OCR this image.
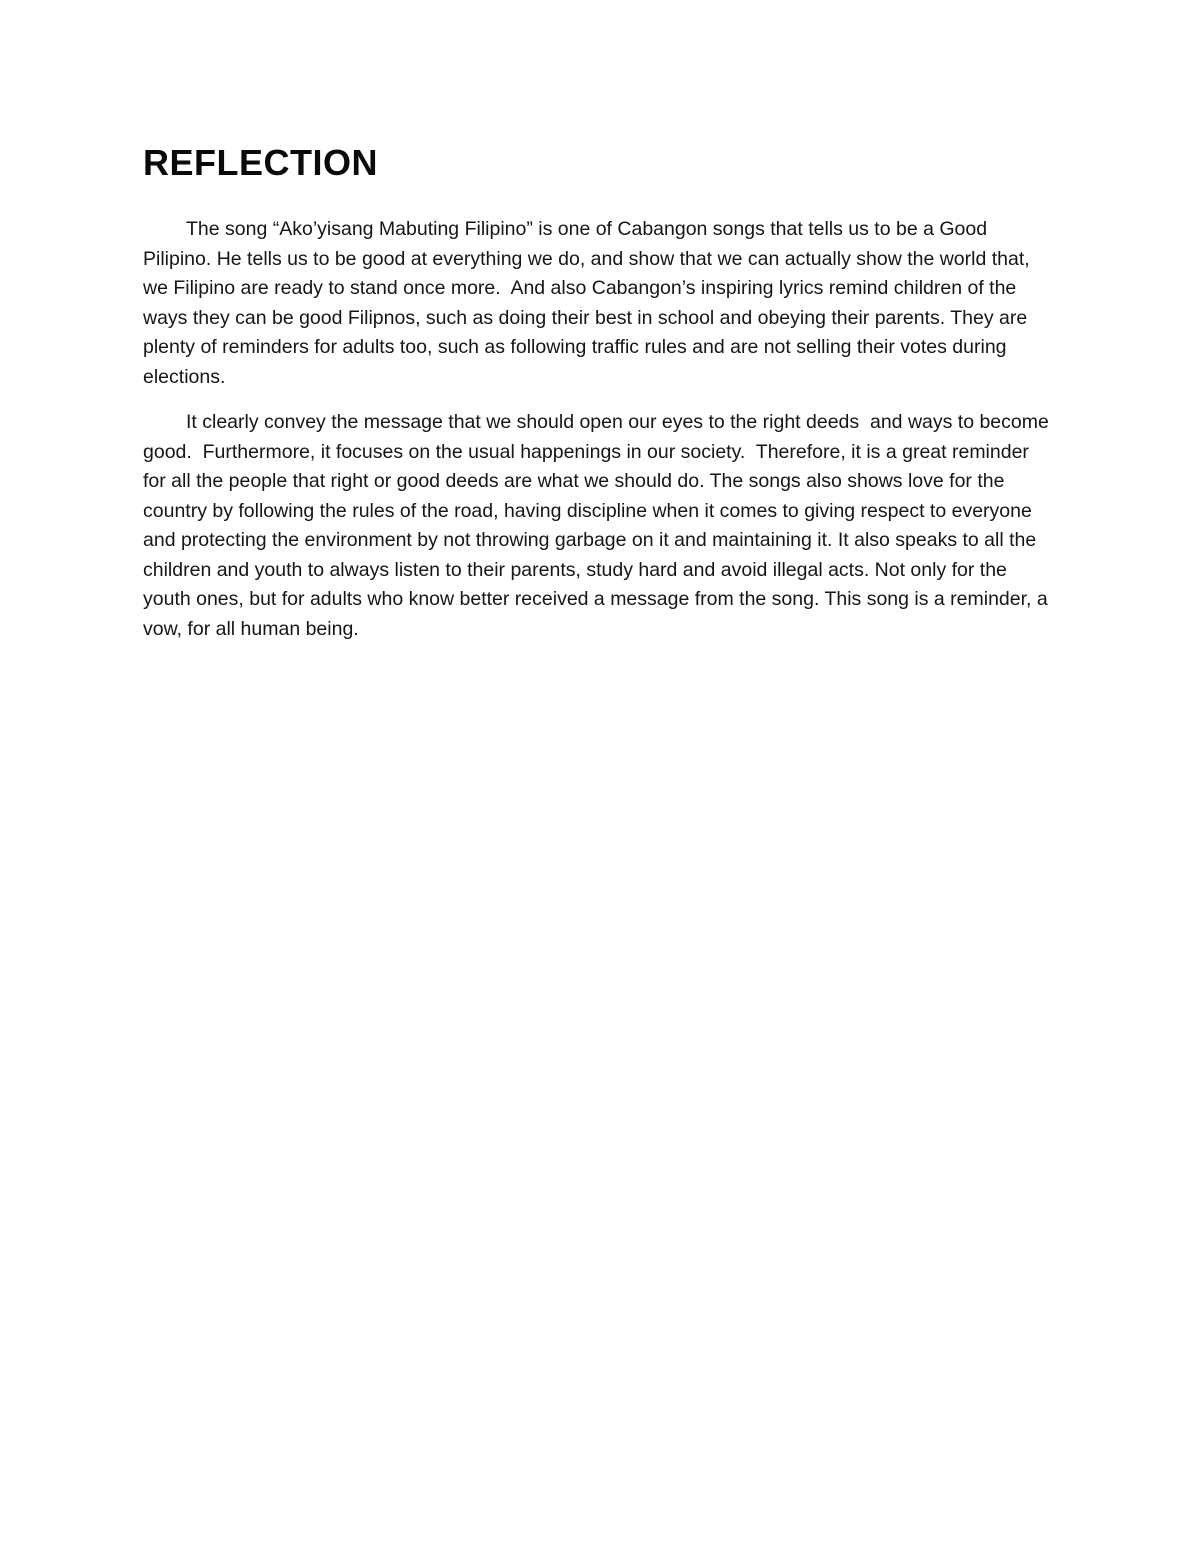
REFLECTION

The song “Ako’yisang Mabuting Filipino” is one of Cabangon songs that tells us to be a Good Pilipino. He tells us to be good at everything we do, and show that we can actually show the world that, we Filipino are ready to stand once more.  And also Cabangon’s inspiring lyrics remind children of the ways they can be good Filipnos, such as doing their best in school and obeying their parents. They are plenty of reminders for adults too, such as following traffic rules and are not selling their votes during elections.

It clearly convey the message that we should open our eyes to the right deeds  and ways to become good.  Furthermore, it focuses on the usual happenings in our society.  Therefore, it is a great reminder for all the people that right or good deeds are what we should do. The songs also shows love for the country by following the rules of the road, having discipline when it comes to giving respect to everyone and protecting the environment by not throwing garbage on it and maintaining it. It also speaks to all the children and youth to always listen to their parents, study hard and avoid illegal acts. Not only for the youth ones, but for adults who know better received a message from the song. This song is a reminder, a vow, for all human being.
